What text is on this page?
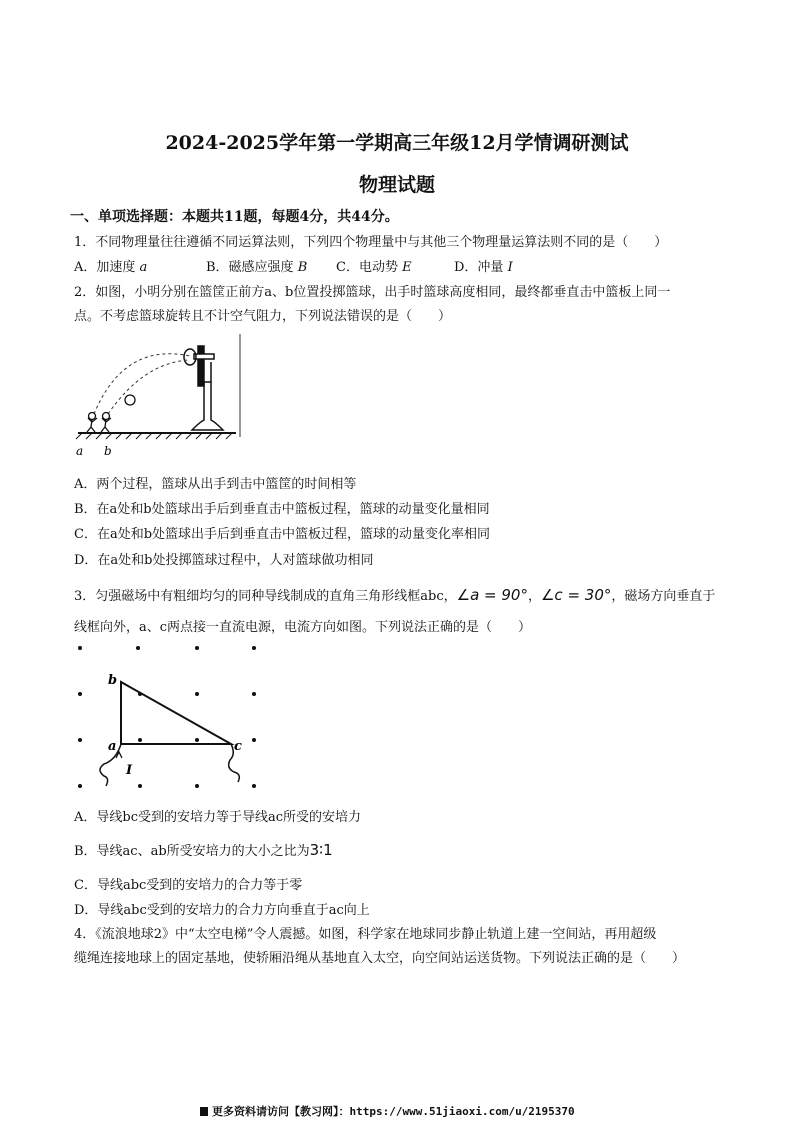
2024-2025学年第一学期高三年级12月学情调研测试
物理试题
一、单项选择题：本题共11题，每题4分，共44分。
1．不同物理量往往遵循不同运算法则，下列四个物理量中与其他三个物理量运算法则不同的是（　　）
A．加速度 a	B．磁感应强度 B C．电动势 E	D．冲量 I
2．如图，小明分别在篮筐正前方a、b位置投掷篮球，出手时篮球高度相同，最终都垂直击中篮板上同一
点。不考虑篮球旋转且不计空气阻力，下列说法错误的是（　　）
a b
A．两个过程，篮球从出手到击中篮筐的时间相等
B．在a处和b处篮球出手后到垂直击中篮板过程，篮球的动量变化量相同
C．在a处和b处篮球出手后到垂直击中篮板过程，篮球的动量变化率相同
D．在a处和b处投掷篮球过程中，人对篮球做功相同
3．匀强磁场中有粗细均匀的同种导线制成的直角三角形线框abc，∠a = 90°，∠c = 30°，磁场方向垂直于
线框向外，a、c两点接一直流电源，电流方向如图。下列说法正确的是（　　）
b
a	c
I
A．导线bc受到的安培力等于导线ac所受的安培力
B．导线ac、ab所受安培力的大小之比为3∶1
C．导线abc受到的安培力的合力等于零
D．导线abc受到的安培力的合力方向垂直于ac向上
4．《流浪地球2》中“太空电梯”令人震撼。如图，科学家在地球同步静止轨道上建一空间站，再用超级
缆绳连接地球上的固定基地，使轿厢沿绳从基地直入太空，向空间站运送货物。下列说法正确的是（　　）
更多资料请访问【教习网】：https://www.51jiaoxi.com/u/2195370
